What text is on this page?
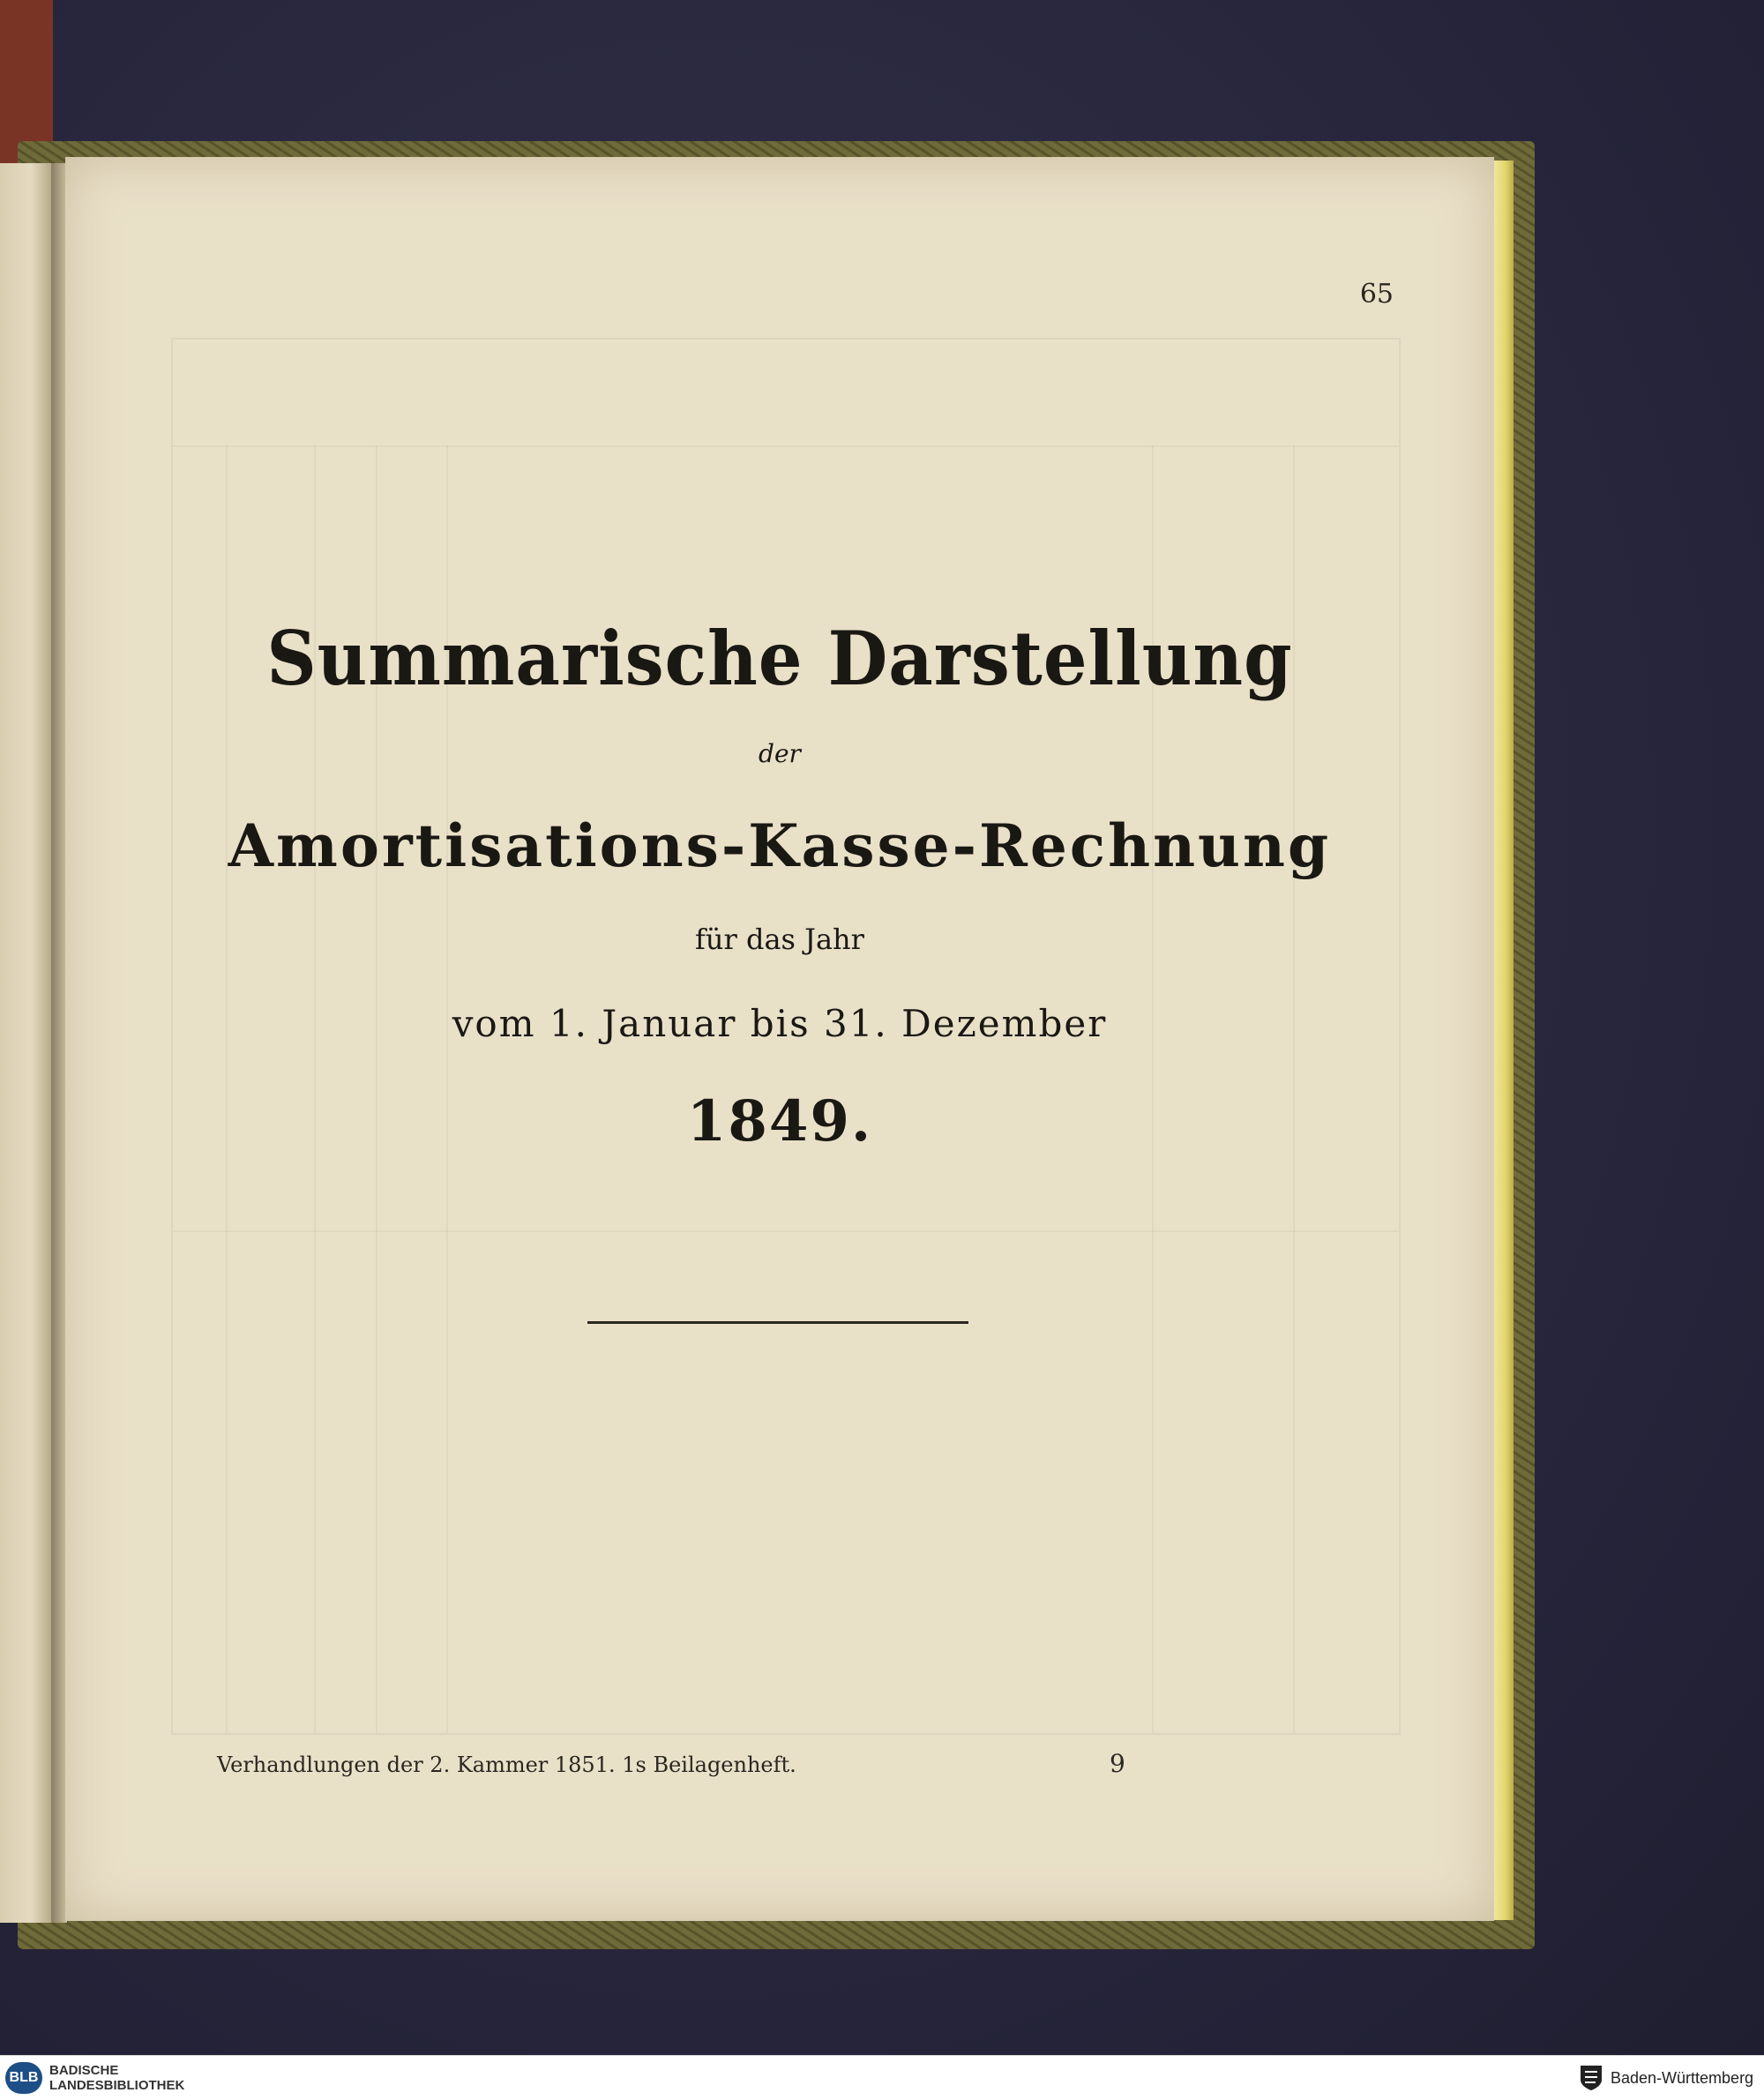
65
Summarische Darstellung
der
Amortisations-Kasse-Rechnung
für das Jahr
vom 1. Januar bis 31. Dezember
1849.
Verhandlungen der 2. Kammer 1851. 1s Beilagenheft.	9
BLB BADISCHE
LANDESBIBLIOTHEK	Baden-Württemberg
